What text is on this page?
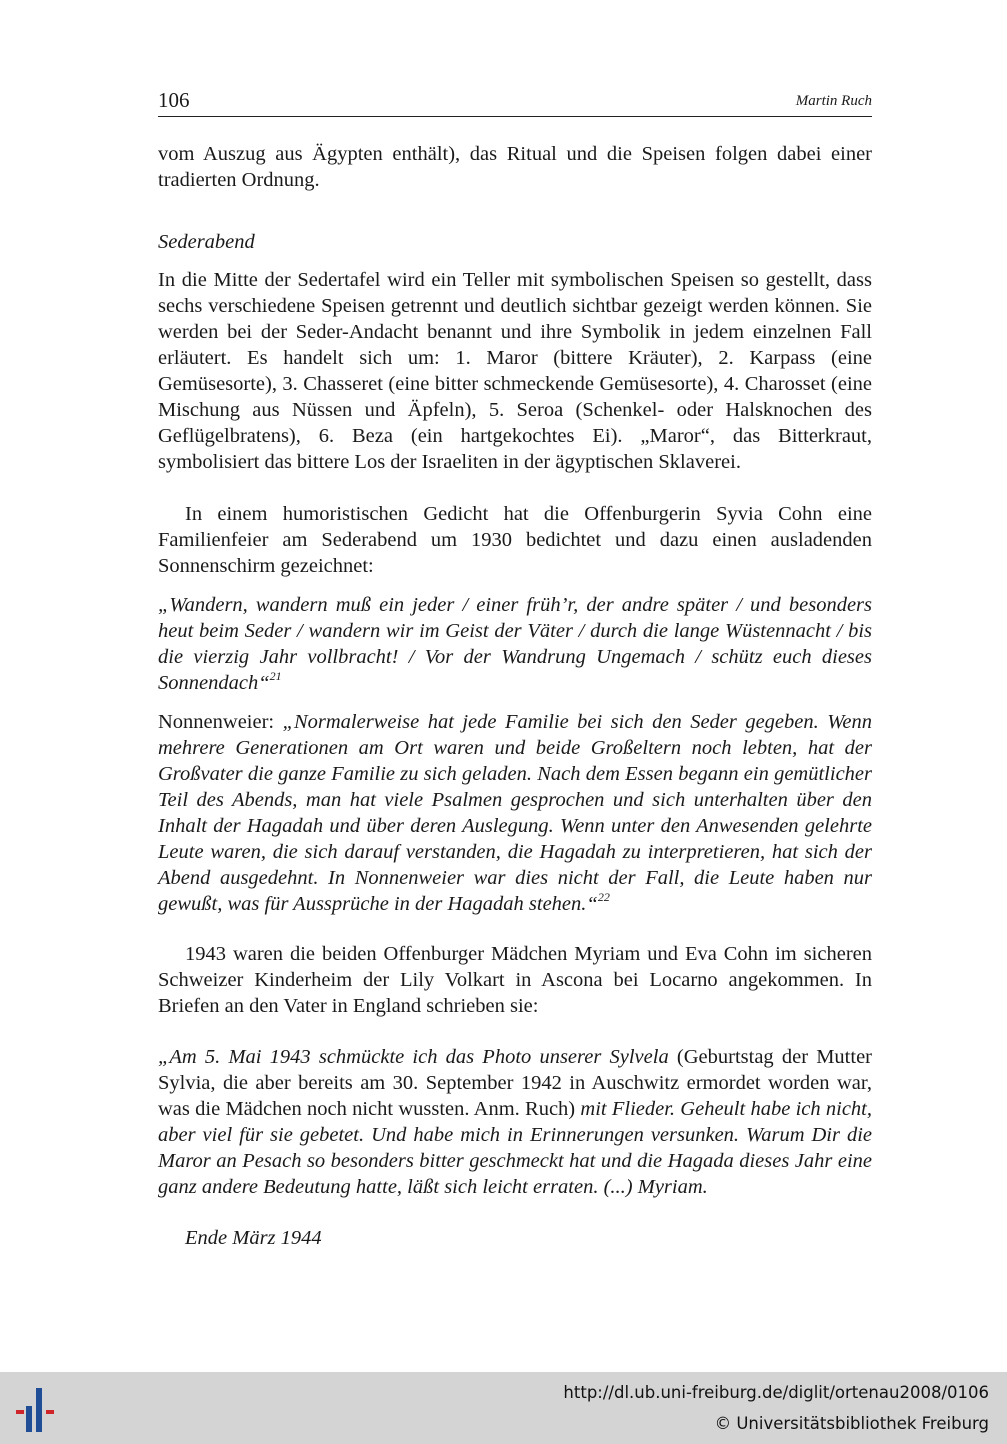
106	Martin Ruch

vom Auszug aus Ägypten enthält), das Ritual und die Speisen folgen dabei einer tradierten Ordnung.

Sederabend

In die Mitte der Sedertafel wird ein Teller mit symbolischen Speisen so gestellt, dass sechs verschiedene Speisen getrennt und deutlich sichtbar gezeigt werden können. Sie werden bei der Seder-Andacht benannt und ihre Symbolik in jedem einzelnen Fall erläutert. Es handelt sich um: 1. Maror (bittere Kräuter), 2. Karpass (eine Gemüsesorte), 3. Chasseret (eine bitter schmeckende Gemüsesorte), 4. Charosset (eine Mischung aus Nüssen und Äpfeln), 5. Seroa (Schenkel- oder Halsknochen des Geflügelbratens), 6. Beza (ein hartgekochtes Ei). „Maror“, das Bitterkraut, symbolisiert das bittere Los der Israeliten in der ägyptischen Sklaverei.

In einem humoristischen Gedicht hat die Offenburgerin Syvia Cohn eine Familienfeier am Sederabend um 1930 bedichtet und dazu einen ausladenden Sonnenschirm gezeichnet:

„Wandern, wandern muß ein jeder / einer früh’r, der andre später / und besonders heut beim Seder / wandern wir im Geist der Väter / durch die lange Wüstennacht / bis die vierzig Jahr vollbracht! / Vor der Wandrung Ungemach / schütz euch dieses Sonnendach“$^{21}$

Nonnenweier: „Normalerweise hat jede Familie bei sich den Seder gegeben. Wenn mehrere Generationen am Ort waren und beide Großeltern noch lebten, hat der Großvater die ganze Familie zu sich geladen. Nach dem Essen begann ein gemütlicher Teil des Abends, man hat viele Psalmen gesprochen und sich unterhalten über den Inhalt der Hagadah und über deren Auslegung. Wenn unter den Anwesenden gelehrte Leute waren, die sich darauf verstanden, die Hagadah zu interpretieren, hat sich der Abend ausgedehnt. In Nonnenweier war dies nicht der Fall, die Leute haben nur gewußt, was für Aussprüche in der Hagadah stehen.“$^{22}$

1943 waren die beiden Offenburger Mädchen Myriam und Eva Cohn im sicheren Schweizer Kinderheim der Lily Volkart in Ascona bei Locarno angekommen. In Briefen an den Vater in England schrieben sie:

„Am 5. Mai 1943 schmückte ich das Photo unserer Sylvela (Geburtstag der Mutter Sylvia, die aber bereits am 30. September 1942 in Auschwitz ermordet worden war, was die Mädchen noch nicht wussten. Anm. Ruch) mit Flieder. Geheult habe ich nicht, aber viel für sie gebetet. Und habe mich in Erinnerungen versunken. Warum Dir die Maror an Pesach so besonders bitter geschmeckt hat und die Hagada dieses Jahr eine ganz andere Bedeutung hatte, läßt sich leicht erraten. (...) Myriam.

Ende März 1944
http://dl.ub.uni-freiburg.de/diglit/ortenau2008/0106
© Universitätsbibliothek Freiburg
